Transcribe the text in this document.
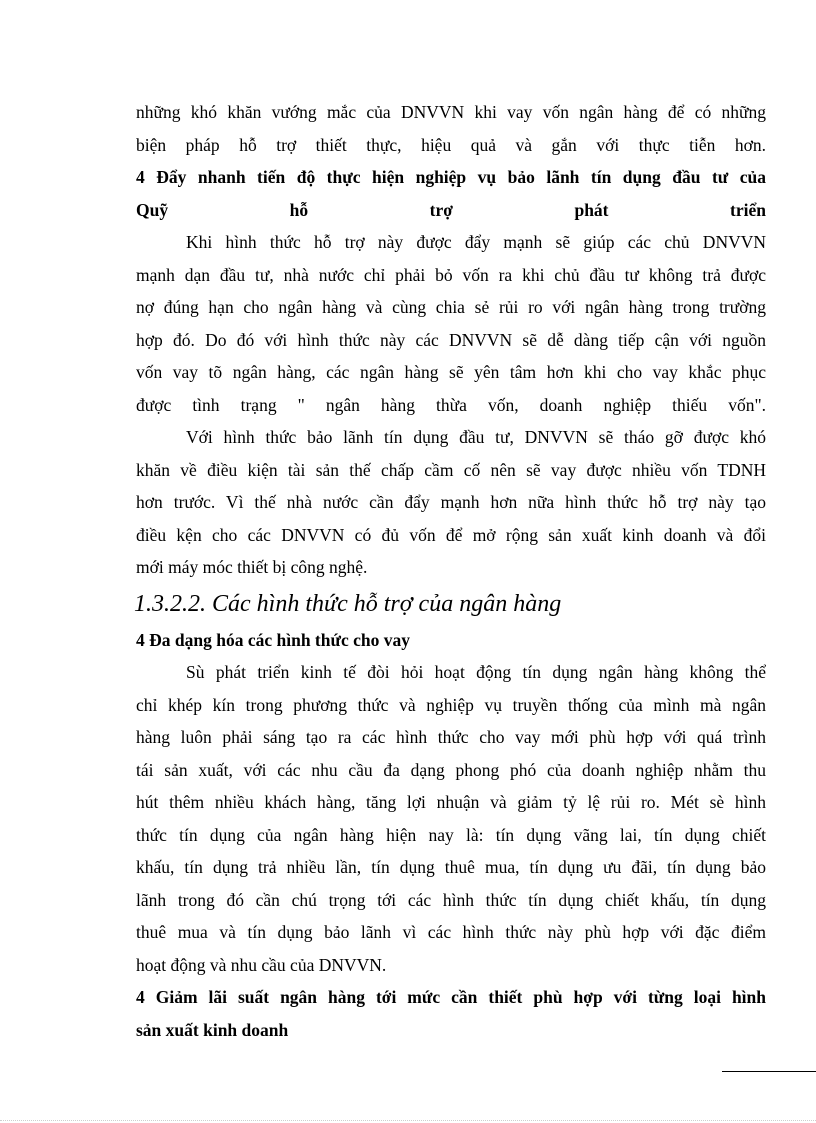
những khó khăn vướng mắc của DNVVN khi vay vốn ngân hàng để có những
biện pháp hỗ trợ thiết thực, hiệu quả và gắn với thực tiễn hơn.
4 Đẩy nhanh tiến độ thực hiện nghiệp vụ bảo lãnh tín dụng đầu tư của
Quỹ hỗ trợ phát triển
Khi hình thức hỗ trợ này được đẩy mạnh sẽ giúp các chủ DNVVN
mạnh dạn đầu tư, nhà nước chỉ phải bỏ vốn ra khi chủ đầu tư không trả được
nợ đúng hạn cho ngân hàng và cùng chia sẻ rủi ro với ngân hàng trong trường
hợp đó. Do đó với hình thức này các DNVVN sẽ dễ dàng tiếp cận với nguồn
vốn vay tõ ngân hàng, các ngân hàng sẽ yên tâm hơn khi cho vay khắc phục
được tình trạng " ngân hàng thừa vốn, doanh nghiệp thiếu vốn".
Với hình thức bảo lãnh tín dụng đầu tư, DNVVN sẽ tháo gỡ được khó
khăn về điều kiện tài sản thế chấp cầm cố nên sẽ vay được nhiều vốn TDNH
hơn trước. Vì thế nhà nước cần đẩy mạnh hơn nữa hình thức hỗ trợ này tạo
điều kện cho các DNVVN có đủ vốn để mở rộng sản xuất kinh doanh và đổi
mới máy móc thiết bị công nghệ.
1.3.2.2. Các hình thức hỗ trợ của ngân hàng
4 Đa dạng hóa các hình thức cho vay
Sù phát triển kinh tế đòi hỏi hoạt động tín dụng ngân hàng không thể
chỉ khép kín trong phương thức và nghiệp vụ truyền thống của mình mà ngân
hàng luôn phải sáng tạo ra các hình thức cho vay mới phù hợp với quá trình
tái sản xuất, với các nhu cầu đa dạng phong phó của doanh nghiệp nhằm thu
hút thêm nhiều khách hàng, tăng lợi nhuận và giảm tỷ lệ rủi ro. Mét sè hình
thức tín dụng của ngân hàng hiện nay là: tín dụng vãng lai, tín dụng chiết
khấu, tín dụng trả nhiều lần, tín dụng thuê mua, tín dụng ưu đãi, tín dụng bảo
lãnh trong đó cần chú trọng tới các hình thức tín dụng chiết khấu, tín dụng
thuê mua và tín dụng bảo lãnh vì các hình thức này phù hợp với đặc điểm
hoạt động và nhu cầu của DNVVN.
4 Giảm lãi suất ngân hàng tới mức cần thiết phù hợp với từng loại hình
sản xuất kinh doanh
